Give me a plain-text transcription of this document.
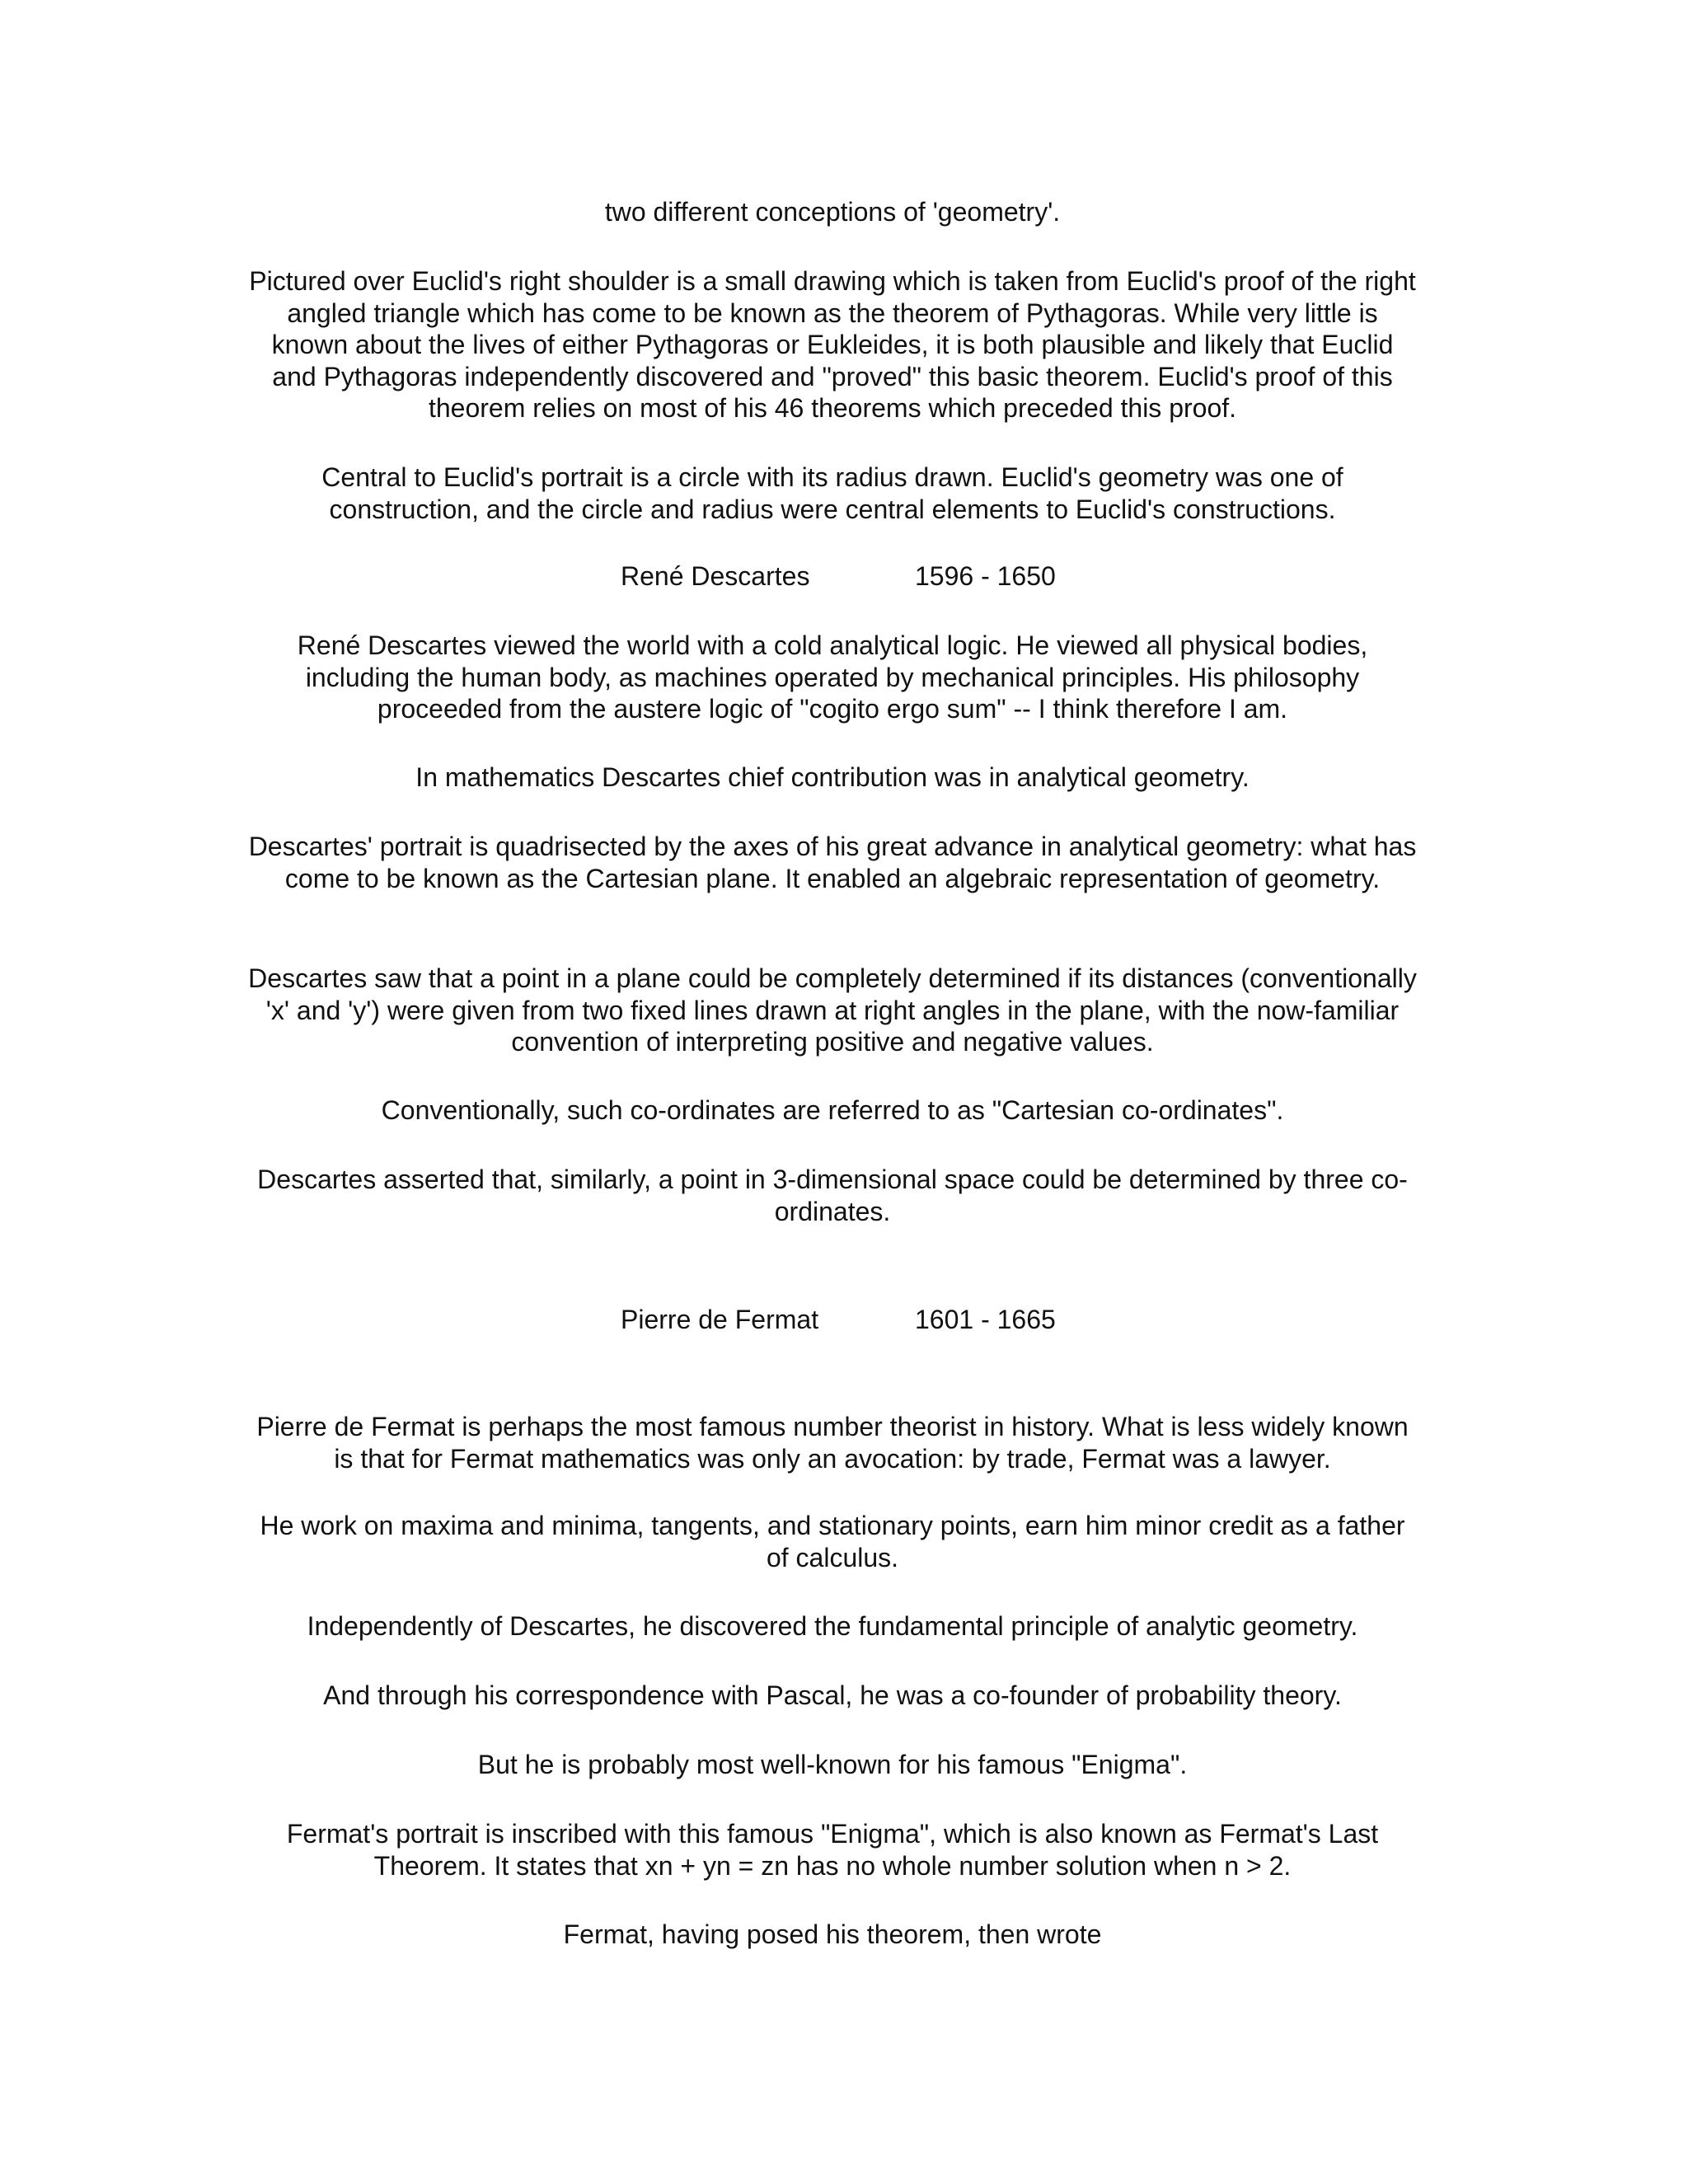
two different conceptions of 'geometry'.

Pictured over Euclid's right shoulder is a small drawing which is taken from Euclid's proof of the right angled triangle which has come to be known as the theorem of Pythagoras. While very little is known about the lives of either Pythagoras or Eukleides, it is both plausible and likely that Euclid and Pythagoras independently discovered and "proved" this basic theorem. Euclid's proof of this theorem relies on most of his 46 theorems which preceded this proof.

Central to Euclid's portrait is a circle with its radius drawn. Euclid's geometry was one of construction, and the circle and radius were central elements to Euclid's constructions.

René Descartes	1596 - 1650

René Descartes viewed the world with a cold analytical logic. He viewed all physical bodies, including the human body, as machines operated by mechanical principles. His philosophy proceeded from the austere logic of "cogito ergo sum" -- I think therefore I am.

In mathematics Descartes chief contribution was in analytical geometry.

Descartes' portrait is quadrisected by the axes of his great advance in analytical geometry: what has come to be known as the Cartesian plane. It enabled an algebraic representation of geometry.

Descartes saw that a point in a plane could be completely determined if its distances (conventionally 'x' and 'y') were given from two fixed lines drawn at right angles in the plane, with the now-familiar convention of interpreting positive and negative values.

Conventionally, such co-ordinates are referred to as "Cartesian co-ordinates".

Descartes asserted that, similarly, a point in 3-dimensional space could be determined by three co-ordinates.

Pierre de Fermat	1601 - 1665

Pierre de Fermat is perhaps the most famous number theorist in history. What is less widely known is that for Fermat mathematics was only an avocation: by trade, Fermat was a lawyer.

He work on maxima and minima, tangents, and stationary points, earn him minor credit as a father of calculus.

Independently of Descartes, he discovered the fundamental principle of analytic geometry.

And through his correspondence with Pascal, he was a co-founder of probability theory.

But he is probably most well-known for his famous "Enigma".

Fermat's portrait is inscribed with this famous "Enigma", which is also known as Fermat's Last Theorem. It states that xn + yn = zn has no whole number solution when n > 2.

Fermat, having posed his theorem, then wrote
